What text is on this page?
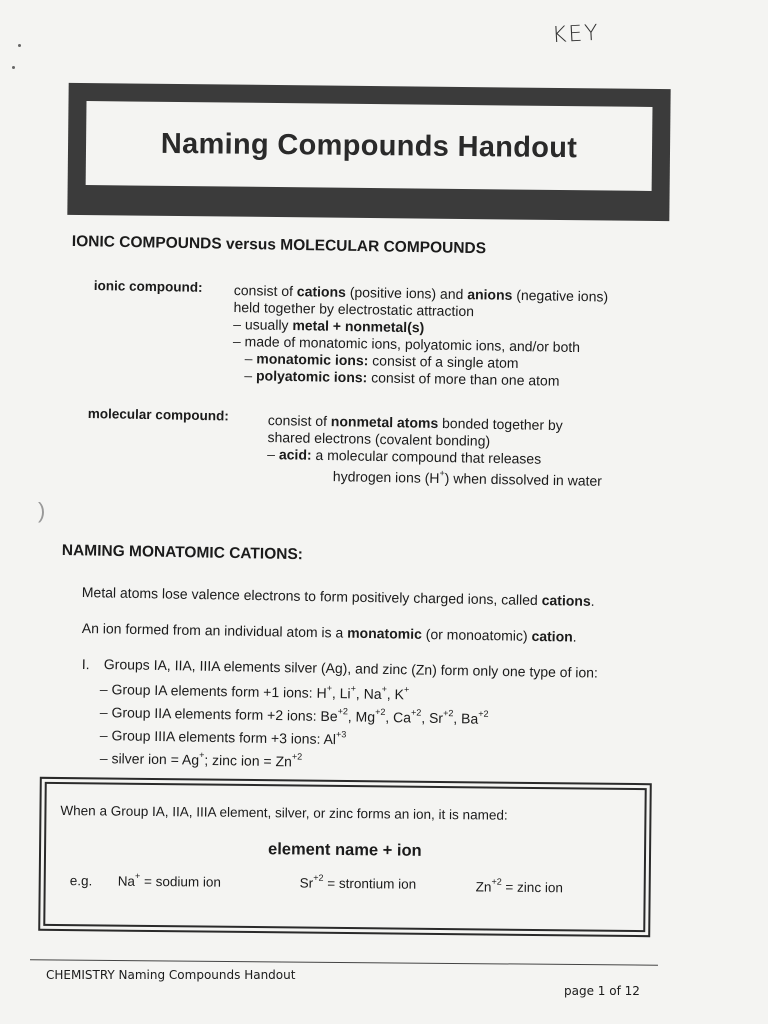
KEY
Naming Compounds Handout
IONIC COMPOUNDS versus MOLECULAR COMPOUNDS
ionic compound: consist of cations (positive ions) and anions (negative ions)
held together by electrostatic attraction
– usually metal + nonmetal(s)
– made of monatomic ions, polyatomic ions, and/or both
– monatomic ions: consist of a single atom
– polyatomic ions: consist of more than one atom
molecular compound:	consist of nonmetal atoms bonded together by
shared electrons (covalent bonding)
– acid: a molecular compound that releases
hydrogen ions (H+) when dissolved in water
)
NAMING MONATOMIC CATIONS:
Metal atoms lose valence electrons to form positively charged ions, called cations.
An ion formed from an individual atom is a monatomic (or monoatomic) cation.
I. Groups IA, IIA, IIIA elements silver (Ag), and zinc (Zn) form only one type of ion:
– Group IA elements form +1 ions: H+, Li+, Na+, K+
– Group IIA elements form +2 ions: $Be^{+2}$, $Mg^{+2}$, $Ca^{+2}$, $Sr^{+2}$, $Ba^{+2}$
– Group IIIA elements form +3 ions: $Al^{+3}$
– silver ion = Ag+; zinc ion = $Zn^{+2}$
When a Group IA, IIA, IIIA element, silver, or zinc forms an ion, it is named:
element name + ion
e.g. Na+ = sodium ion	$Sr^{+2}$ = strontium ion	$Zn^{+2}$ = zinc ion
CHEMISTRY Naming Compounds Handout
page 1 of 12
